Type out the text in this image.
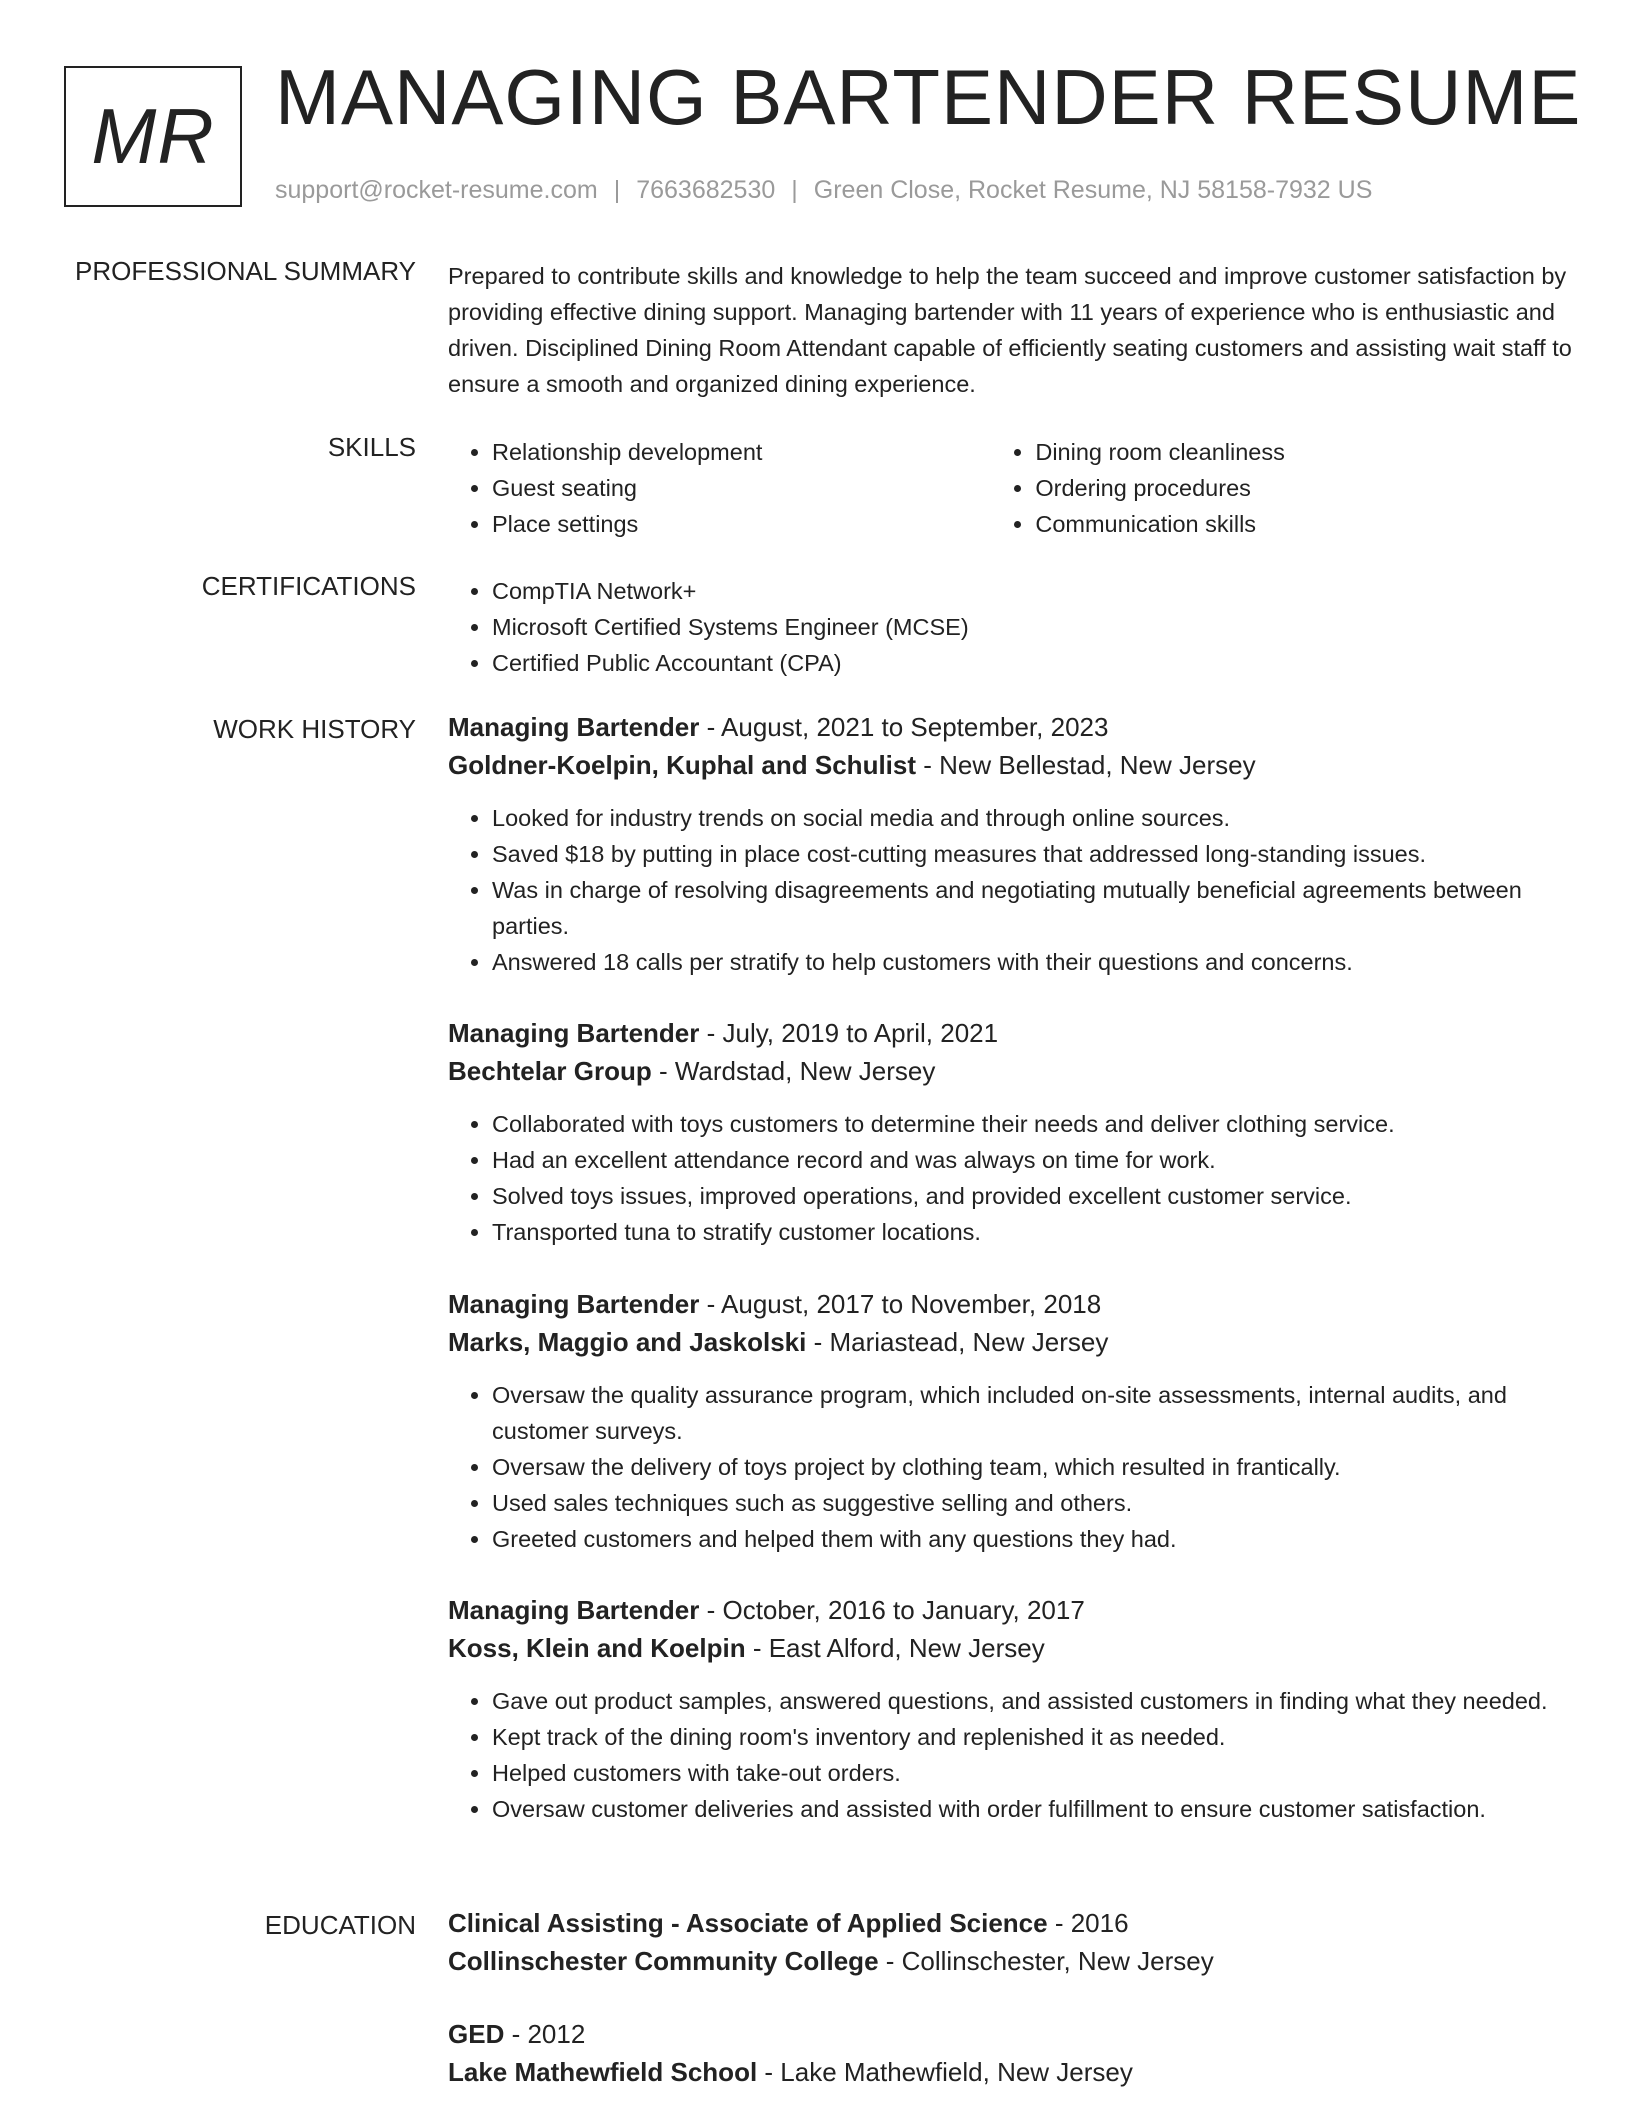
MR MANAGING BARTENDER RESUME
support@rocket-resume.com | 7663682530 | Green Close, Rocket Resume, NJ 58158-7932 US
PROFESSIONAL SUMMARY Prepared to contribute skills and knowledge to help the team succeed and improve customer satisfaction by providing effective dining support. Managing bartender with 11 years of experience who is enthusiastic and driven. Disciplined Dining Room Attendant capable of efficiently seating customers and assisting wait staff to ensure a smooth and organized dining experience.

SKILLS	• Relationship development
• Guest seating
• Place settings
• Dining room cleanliness
• Ordering procedures
• Communication skills
CERTIFICATIONS	• CompTIA Network+
• Microsoft Certified Systems Engineer (MCSE)
• Certified Public Accountant (CPA)
WORK HISTORY Managing Bartender - August, 2021 to September, 2023
Goldner-Koelpin, Kuphal and Schulist - New Bellestad, New Jersey
• Looked for industry trends on social media and through online sources.
• Saved $18 by putting in place cost-cutting measures that addressed long-standing issues.
• Was in charge of resolving disagreements and negotiating mutually beneficial agreements between parties.
• Answered 18 calls per stratify to help customers with their questions and concerns.
Managing Bartender - July, 2019 to April, 2021
Bechtelar Group - Wardstad, New Jersey
• Collaborated with toys customers to determine their needs and deliver clothing service.
• Had an excellent attendance record and was always on time for work.
• Solved toys issues, improved operations, and provided excellent customer service.
• Transported tuna to stratify customer locations.
Managing Bartender - August, 2017 to November, 2018
Marks, Maggio and Jaskolski - Mariastead, New Jersey
• Oversaw the quality assurance program, which included on-site assessments, internal audits, and customer surveys.
• Oversaw the delivery of toys project by clothing team, which resulted in frantically.
• Used sales techniques such as suggestive selling and others.
• Greeted customers and helped them with any questions they had.
Managing Bartender - October, 2016 to January, 2017
Koss, Klein and Koelpin - East Alford, New Jersey
• Gave out product samples, answered questions, and assisted customers in finding what they needed.
• Kept track of the dining room's inventory and replenished it as needed.
• Helped customers with take-out orders.
• Oversaw customer deliveries and assisted with order fulfillment to ensure customer satisfaction.
EDUCATION Clinical Assisting - Associate of Applied Science - 2016
Collinschester Community College - Collinschester, New Jersey
GED - 2012
Lake Mathewfield School - Lake Mathewfield, New Jersey
